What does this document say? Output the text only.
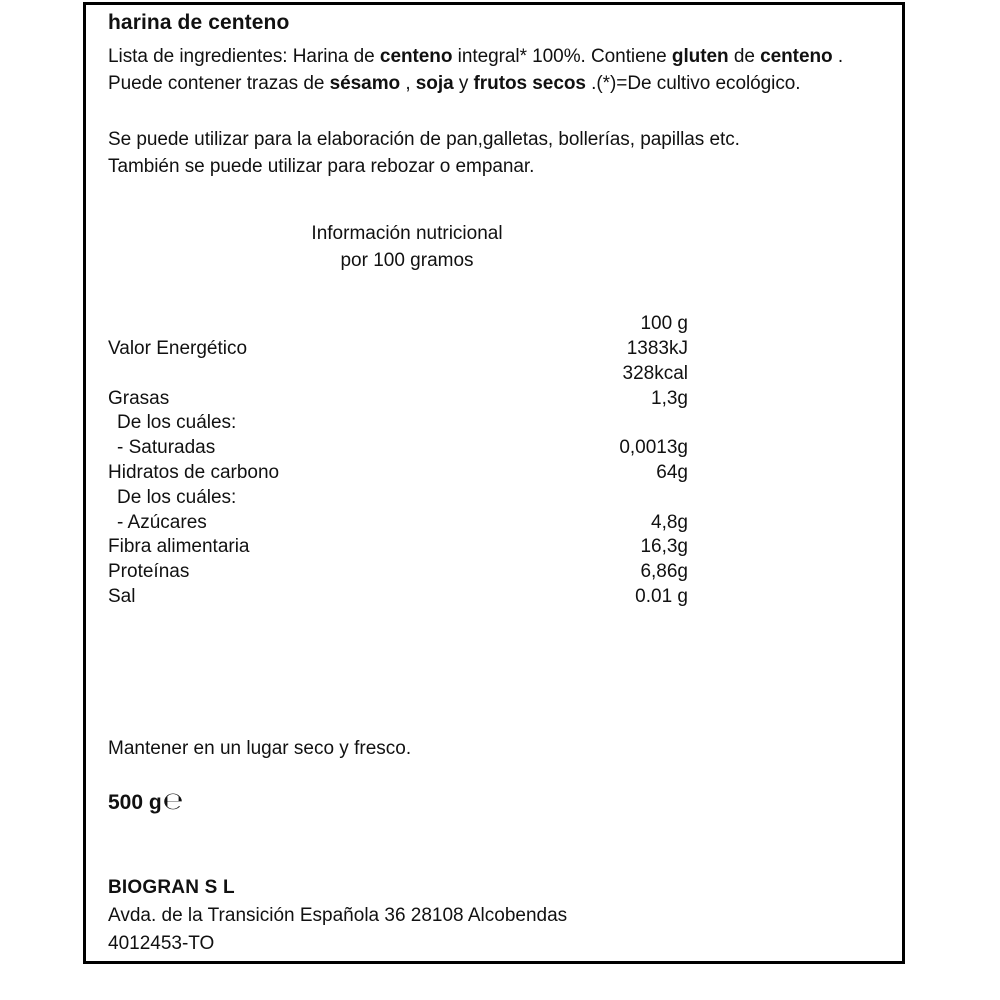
harina de centeno

Lista de ingredientes: Harina de centeno integral* 100%. Contiene gluten de centeno . Puede contener trazas de sésamo , soja y frutos secos .(*)=De cultivo ecológico.

Se puede utilizar para la elaboración de pan,galletas, bollerías, papillas etc.
También se puede utilizar para rebozar o empanar.
Información nutricional
por 100 gramos
	100 g
Valor Energético	1383kJ
	328kcal
Grasas	1,3g
De los cuáles:	
- Saturadas	0,0013g
Hidratos de carbono	64g
De los cuáles:	
- Azúcares	4,8g
Fibra alimentaria	16,3g
Proteínas	6,86g
Sal	0.01 g
Mantener en un lugar seco y fresco.
500 g ℮
BIOGRAN S L
Avda. de la Transición Española 36 28108 Alcobendas
4012453-TO
